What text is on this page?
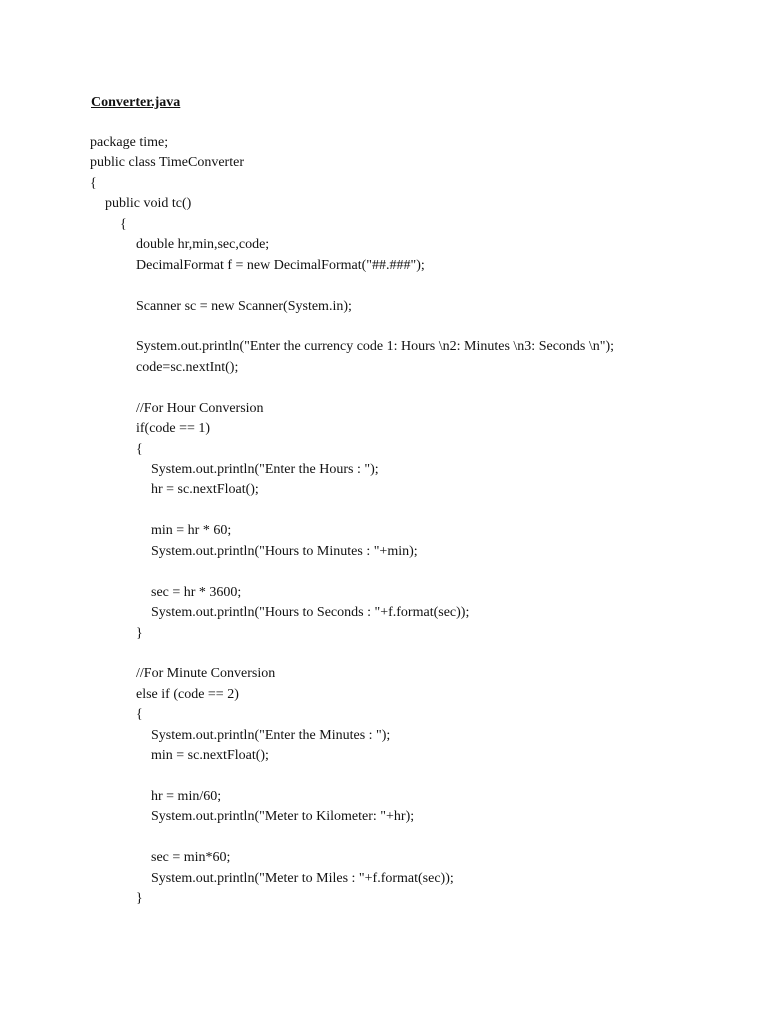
Converter.java
package time;
public class TimeConverter
{
public void tc()
{
double hr,min,sec,code;
DecimalFormat f = new DecimalFormat("##.###");
Scanner sc = new Scanner(System.in);
System.out.println("Enter the currency code 1: Hours \n2: Minutes \n3: Seconds \n");
code=sc.nextInt();
//For Hour Conversion
if(code == 1)
{
System.out.println("Enter the Hours : ");
hr = sc.nextFloat();
min = hr * 60;
System.out.println("Hours to Minutes : "+min);
sec = hr * 3600;
System.out.println("Hours to Seconds : "+f.format(sec));
}
//For Minute Conversion
else if (code == 2)
{
System.out.println("Enter the Minutes : ");
min = sc.nextFloat();
hr = min/60;
System.out.println("Meter to Kilometer: "+hr);
sec = min*60;
System.out.println("Meter to Miles : "+f.format(sec));
}
